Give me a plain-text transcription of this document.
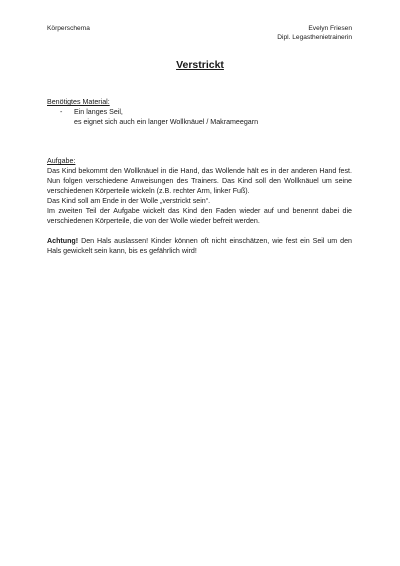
Körperschema	Evelyn Friesen
Dipl. Legasthenietrainerin
Verstrickt
Benötigtes Material:
- Ein langes Seil,
es eignet sich auch ein langer Wollknäuel / Makrameegarn
Aufgabe:

Das Kind bekommt den Wollknäuel in die Hand, das Wollende hält es in der anderen Hand fest. Nun folgen verschiedene Anweisungen des Trainers. Das Kind soll den Wollknäuel um seine verschiedenen Körperteile wickeln (z.B. rechter Arm, linker Fuß).

Das Kind soll am Ende in der Wolle „verstrickt sein“.

Im zweiten Teil der Aufgabe wickelt das Kind den Faden wieder auf und benennt dabei die verschiedenen Körperteile, die von der Wolle wieder befreit werden.

Achtung! Den Hals auslassen! Kinder können oft nicht einschätzen, wie fest ein Seil um den Hals gewickelt sein kann, bis es gefährlich wird!
